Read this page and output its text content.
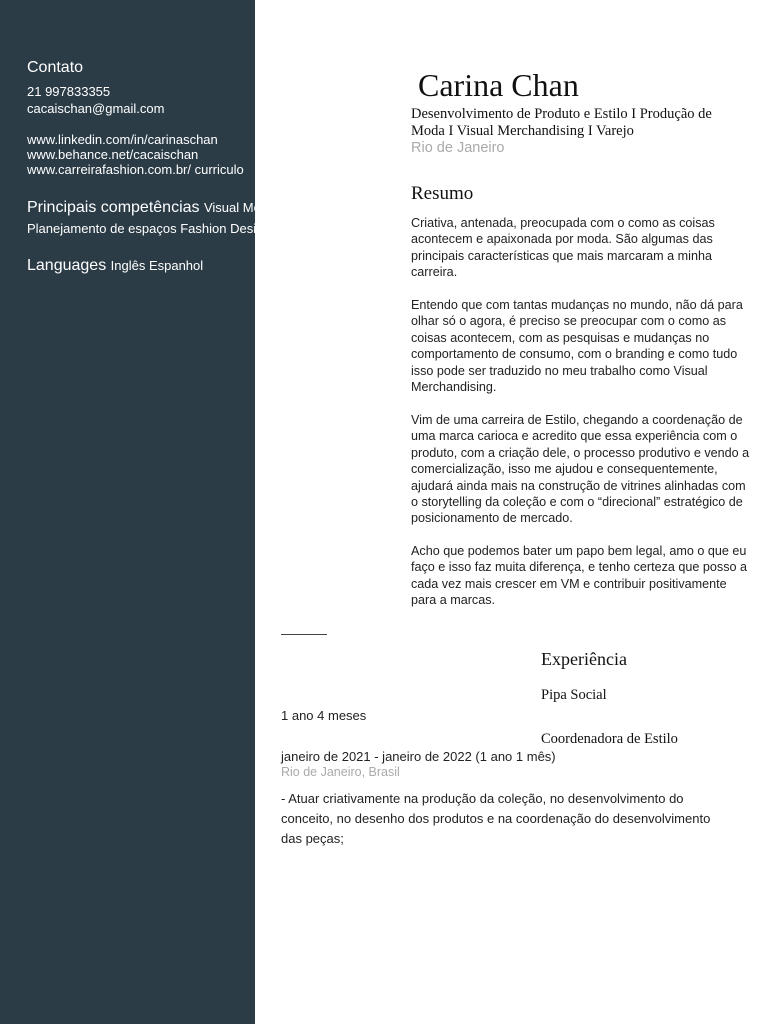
Contato
21 997833355
cacaischan@gmail.com
www.linkedin.com/in/carinaschan
www.behance.net/cacaischan
www.carreirafashion.com.br/ curriculo
Principais competências Visual Merchandising
Planejamento de espaços Fashion Design
Languages Inglês Espanhol
Carina Chan
Desenvolvimento de Produto e Estilo I Produção de Moda I Visual Merchandising I Varejo
Rio de Janeiro
Resumo
Criativa, antenada, preocupada com o como as coisas acontecem e apaixonada por moda. São algumas das principais características que mais marcaram a minha carreira.
Entendo que com tantas mudanças no mundo, não dá para olhar só o agora, é preciso se preocupar com o como as coisas acontecem, com as pesquisas e mudanças no comportamento de consumo, com o branding e como tudo isso pode ser traduzido no meu trabalho como Visual Merchandising.
Vim de uma carreira de Estilo, chegando a coordenação de uma marca carioca e acredito que essa experiência com o produto, com a criação dele, o processo produtivo e vendo a comercialização, isso me ajudou e consequentemente, ajudará ainda mais na construção de vitrines alinhadas com o storytelling da coleção e com o “direcional” estratégico de posicionamento de mercado.
Acho que podemos bater um papo bem legal, amo o que eu faço e isso faz muita diferença, e tenho certeza que posso a cada vez mais crescer em VM e contribuir positivamente para a marcas.
Experiência
Pipa Social
1 ano 4 meses
Coordenadora de Estilo
janeiro de 2021 - janeiro de 2022 (1 ano 1 mês)
Rio de Janeiro, Brasil
- Atuar criativamente na produção da coleção, no desenvolvimento do conceito, no desenho dos produtos e na coordenação do desenvolvimento das peças;
